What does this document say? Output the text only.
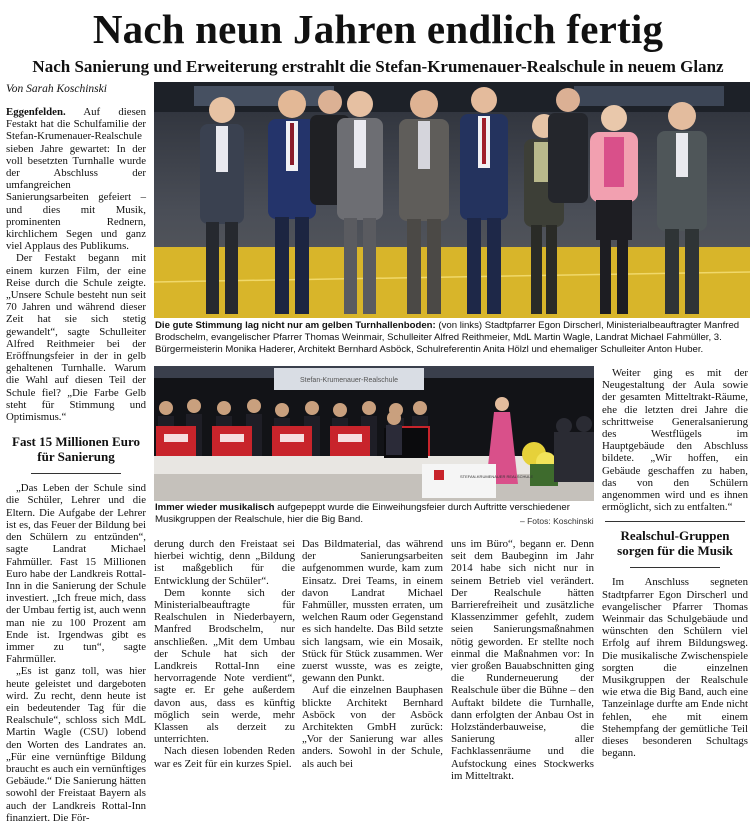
Nach neun Jahren endlich fertig
Nach Sanierung und Erweiterung erstrahlt die Stefan-Krumenauer-Realschule in neuem Glanz
Von Sarah Koschinski

Eggenfelden. Auf diesen Festakt hat die Schulfamilie der Stefan-Krumenauer-Realschule sieben Jahre gewartet: In der voll besetzten Turnhalle wurde der Abschluss der umfangreichen Sanierungsarbeiten gefeiert – und dies mit Musik, prominenten Rednern, kirchlichem Segen und ganz viel Applaus des Publikums.

Der Festakt begann mit einem kurzen Film, der eine Reise durch die Schule zeigte. „Unsere Schule besteht nun seit 70 Jahren und während dieser Zeit hat sie sich stetig gewandelt“, sagte Schulleiter Alfred Reithmeier bei der Eröffnungsfeier in der in gelb gehaltenen Turnhalle. Warum die Wahl auf diesen Teil der Schule fiel? „Die Farbe Gelb steht für Stimmung und Optimismus.“

Fast 15 Millionen Euro für Sanierung

„Das Leben der Schule sind die Schüler, Lehrer und die Eltern. Die Aufgabe der Lehrer ist es, das Feuer der Bildung bei den Schülern zu entzünden“, sagte Landrat Michael Fahmüller. Fast 15 Millionen Euro habe der Landkreis Rottal-Inn in die Sanierung der Schule investiert. „Ich freue mich, dass der Umbau fertig ist, auch wenn man nie zu 100 Prozent am Ende ist. Irgendwas gibt es immer zu tun“, sagte Fahrmüller.

„Es ist ganz toll, was hier heute geleistet und dargeboten wird. Zu recht, denn heute ist ein bedeutender Tag für die Realschule“, schloss sich MdL Martin Wagle (CSU) lobend den Worten des Landrates an. „Für eine vernünftige Bildung braucht es auch ein vernünftiges Gebäude.“ Die Sanierung hätten sowohl der Freistaat Bayern als auch der Landkreis Rottal-Inn finanziert. Die För-

Die gute Stimmung lag nicht nur am gelben Turnhallenboden: (von links) Stadtpfarrer Egon Dirscherl, Ministerialbeauftragter Manfred Brodschelm, evangelischer Pfarrer Thomas Weinmair, Schulleiter Alfred Reithmeier, MdL Martin Wagle, Landrat Michael Fahmüller, 3. Bürgermeisterin Monika Haderer, Architekt Bernhard Asböck, Schulreferentin Anita Hölzl und ehemaliger Schulleiter Anton Huber.
Stefan-Krumenauer-Realschule
STEFAN-KRUMENAUER REALSCHULE
Immer wieder musikalisch aufgepeppt wurde die Einweihungsfeier durch Auftritte verschiedener Musikgruppen der Realschule, hier die Big Band.	– Fotos: Koschinski

Weiter ging es mit der Neugestaltung der Aula sowie der gesamten Mitteltrakt-Räume, ehe die letzten drei Jahre die schrittweise Generalsanierung des Westflügels im Hauptgebäude den Abschluss bildete. „Wir hoffen, ein Gebäude geschaffen zu haben, das von den Schülern angenommen wird und es ihnen ermöglicht, sich zu entfalten.“

Realschul-Gruppen sorgen für die Musik

Im Anschluss segneten Stadtpfarrer Egon Dirscherl und evangelischer Pfarrer Thomas Weinmair das Schulgebäude und wünschten den Schülern viel Erfolg auf ihrem Bildungsweg. Die musikalische Zwischenspiele sorgten die einzelnen Musikgruppen der Realschule wie etwa die Big Band, auch eine Tanzeinlage durfte am Ende nicht fehlen, ehe mit einem Stehempfang der gemütliche Teil dieses besonderen Schultags begann.

derung durch den Freistaat sei hierbei wichtig, denn „Bildung ist maßgeblich für die Entwicklung der Schüler“.

Dem konnte sich der Ministerialbeauftragte für Realschulen in Niederbayern, Manfred Brodschelm, nur anschließen. „Mit dem Umbau der Schule hat sich der Landkreis Rottal-Inn eine hervorragende Note verdient“, sagte er. Er gehe außerdem davon aus, dass es künftig möglich sein werde, mehr Klassen als derzeit zu unterrichten.

Nach diesen lobenden Reden war es Zeit für ein kurzes Spiel.

Das Bildmaterial, das während der Sanierungsarbeiten aufgenommen wurde, kam zum Einsatz. Drei Teams, in einem davon Landrat Michael Fahmüller, mussten erraten, um welchen Raum oder Gegenstand es sich handelte. Das Bild setzte sich langsam, wie ein Mosaik, Stück für Stück zusammen. Wer zuerst wusste, was es zeigte, gewann den Punkt.

Auf die einzelnen Bauphasen blickte Architekt Bernhard Asböck von der Asböck Architekten GmbH zurück: „Vor der Sanierung war alles anders. Sowohl in der Schule, als auch bei

uns im Büro“, begann er. Denn seit dem Baubeginn im Jahr 2014 habe sich nicht nur in seinem Betrieb viel verändert. Der Realschule hätten Barrierefreiheit und zusätzliche Klassenzimmer gefehlt, zudem seien Sanierungsmaßnahmen nötig geworden. Er stellte noch einmal die Maßnahmen vor: In vier großen Bauabschnitten ging die Runderneuerung der Realschule über die Bühne – den Auftakt bildete die Turnhalle, dann erfolgten der Anbau Ost in Holzständerbauweise, die Sanierung aller Fachklassenräume und die Aufstockung eines Stockwerks im Mitteltrakt.
